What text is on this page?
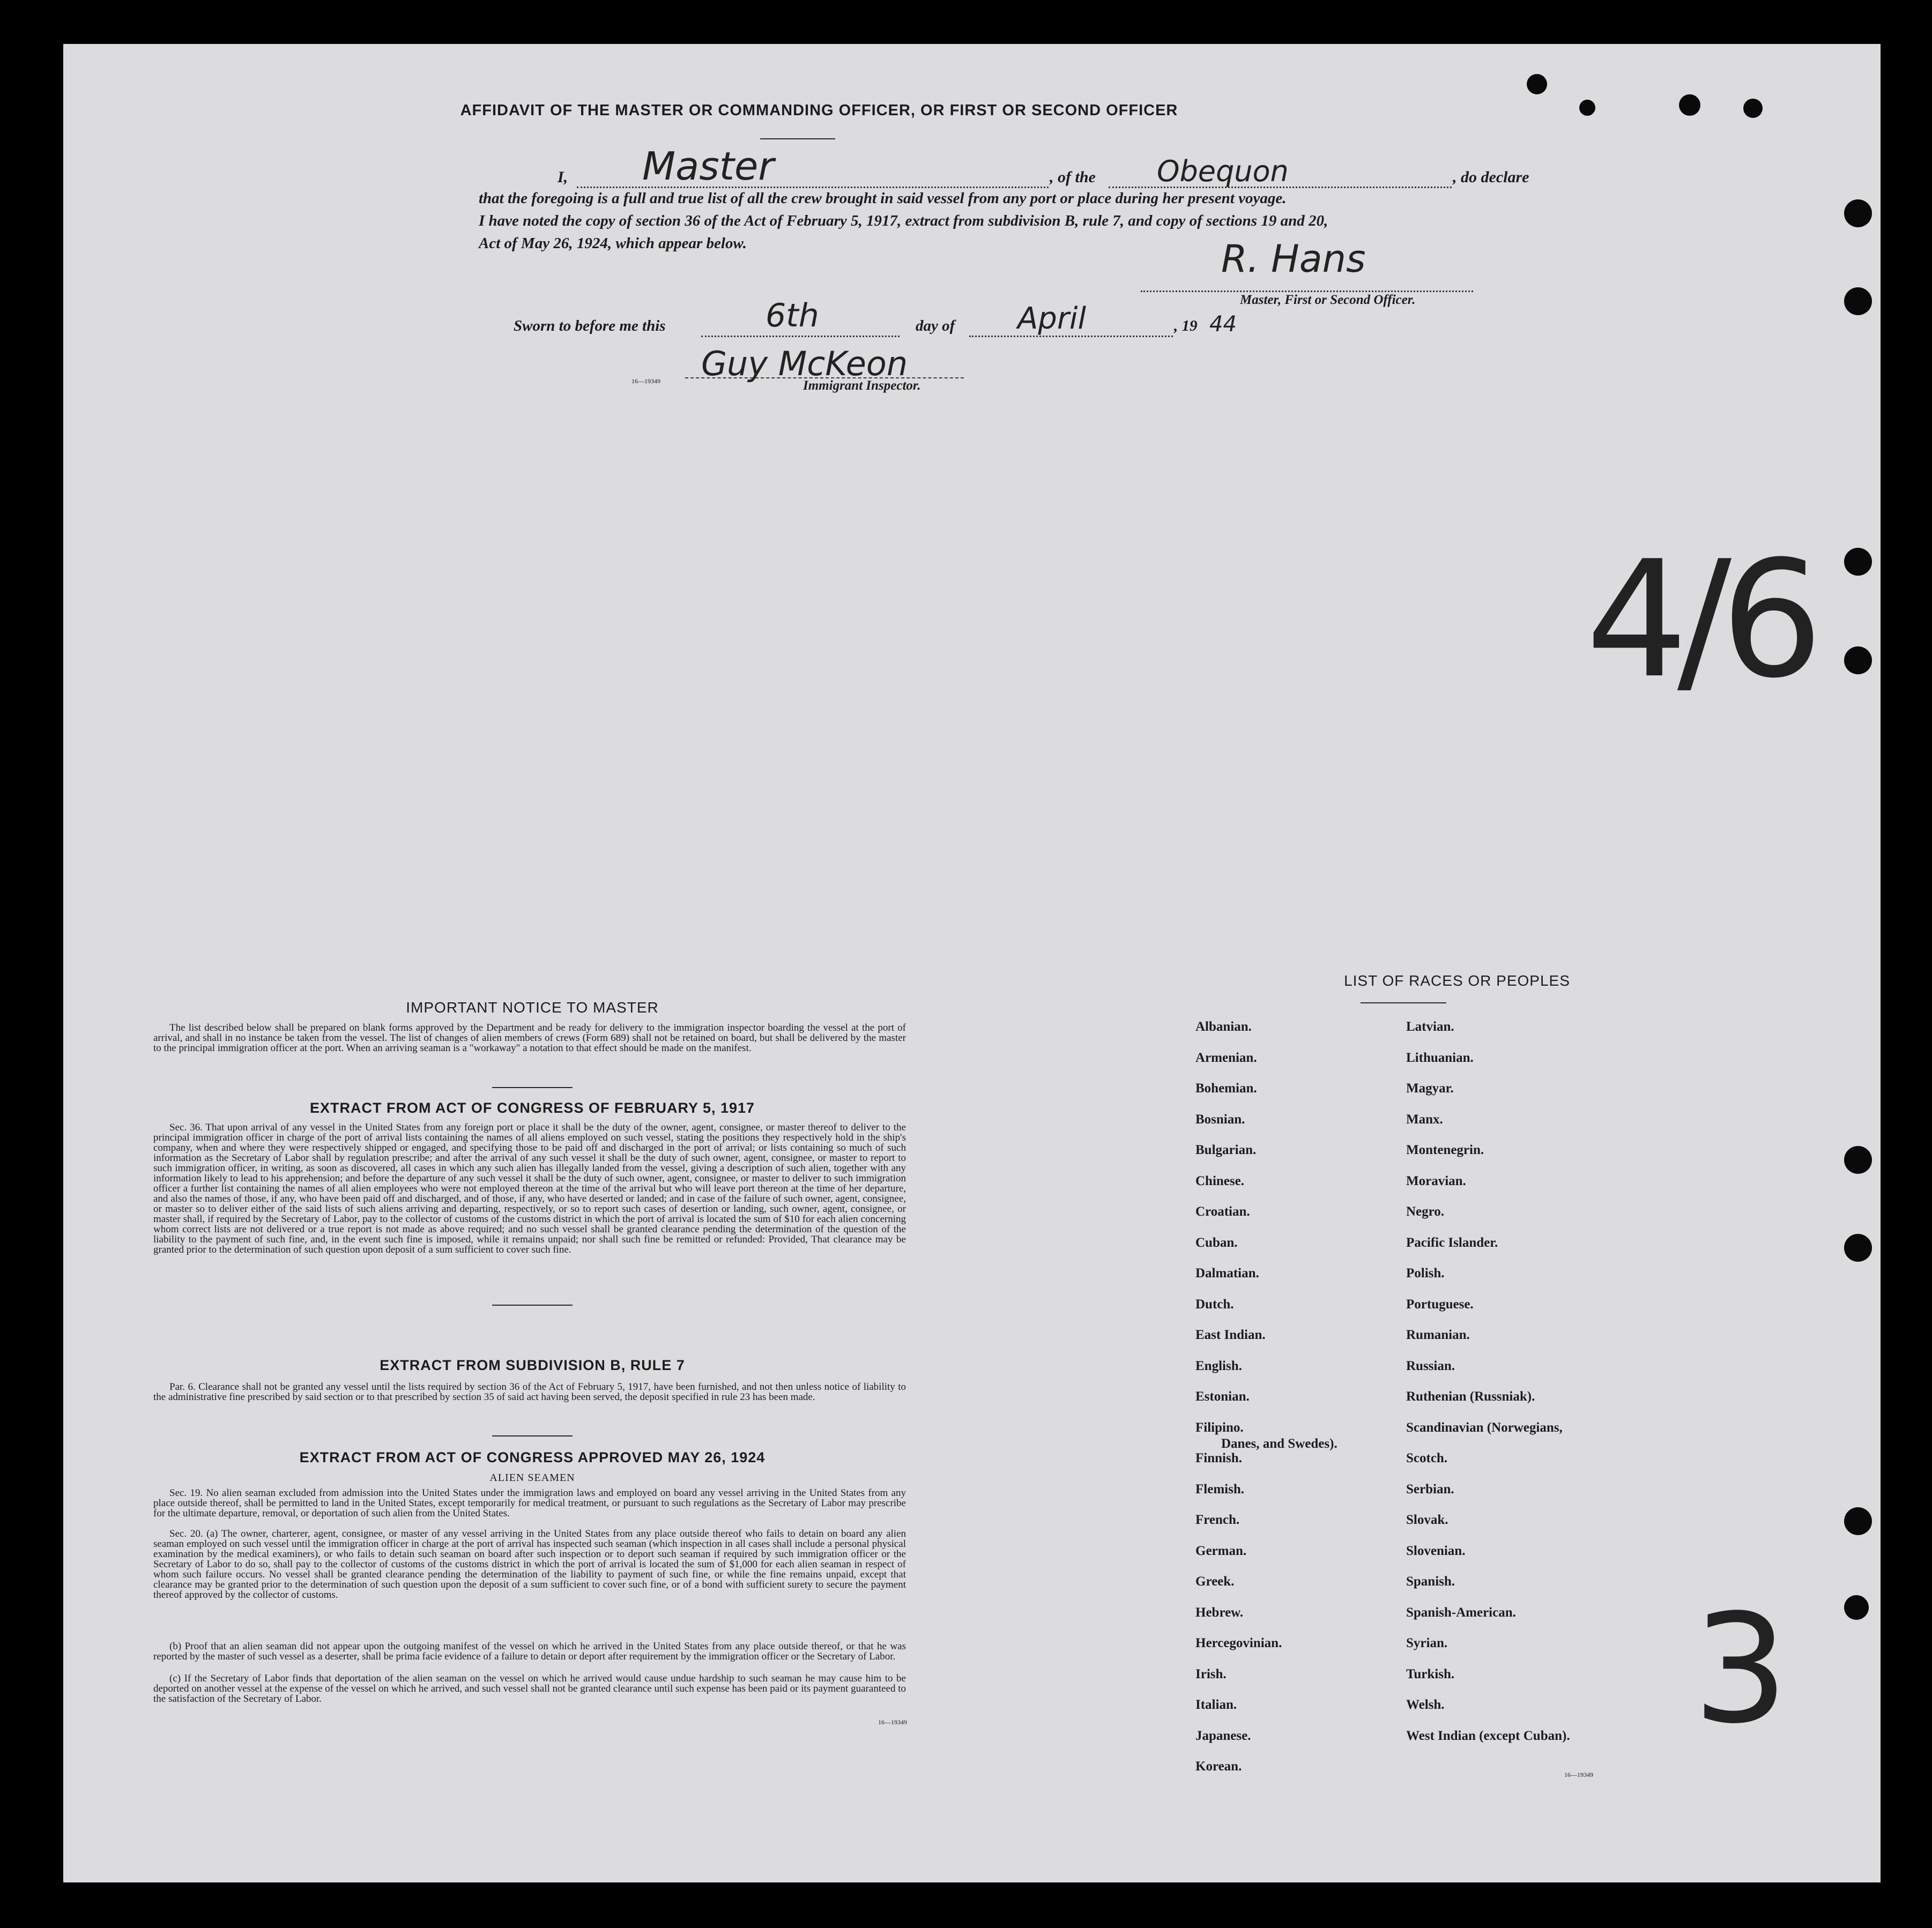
AFFIDAVIT OF THE MASTER OR COMMANDING OFFICER, OR FIRST OR SECOND OFFICER
I, Master	, of the Obequon	, do declare
that the foregoing is a full and true list of all the crew brought in said vessel from any port or place during her present voyage.
I have noted the copy of section 36 of the Act of February 5, 1917, extract from subdivision B, rule 7, and copy of sections 19 and 20,
Act of May 26, 1924, which appear below.	R. Hans
Master, First or Second Officer.
Sworn to before me this	6th	day of April	, 19 44
16—19349 Guy McKeon
Immigrant Inspector.
4/6
3
IMPORTANT NOTICE TO MASTER
The list described below shall be prepared on blank forms approved by the Department and be ready for delivery to the immigration inspector boarding the vessel at the port of arrival, and shall in no instance be taken from the vessel. The list of changes of alien members of crews (Form 689) shall not be retained on board, but shall be delivered by the master to the principal immigration officer at the port. When an arriving seaman is a "workaway" a notation to that effect should be made on the manifest.
EXTRACT FROM ACT OF CONGRESS OF FEBRUARY 5, 1917
Sec. 36. That upon arrival of any vessel in the United States from any foreign port or place it shall be the duty of the owner, agent, consignee, or master thereof to deliver to the principal immigration officer in charge of the port of arrival lists containing the names of all aliens employed on such vessel, stating the positions they respectively hold in the ship's company, when and where they were respectively shipped or engaged, and specifying those to be paid off and discharged in the port of arrival; or lists containing so much of such information as the Secretary of Labor shall by regulation prescribe; and after the arrival of any such vessel it shall be the duty of such owner, agent, consignee, or master to report to such immigration officer, in writing, as soon as discovered, all cases in which any such alien has illegally landed from the vessel, giving a description of such alien, together with any information likely to lead to his apprehension; and before the departure of any such vessel it shall be the duty of such owner, agent, consignee, or master to deliver to such immigration officer a further list containing the names of all alien employees who were not employed thereon at the time of the arrival but who will leave port thereon at the time of her departure, and also the names of those, if any, who have been paid off and discharged, and of those, if any, who have deserted or landed; and in case of the failure of such owner, agent, consignee, or master so to deliver either of the said lists of such aliens arriving and departing, respectively, or so to report such cases of desertion or landing, such owner, agent, consignee, or master shall, if required by the Secretary of Labor, pay to the collector of customs of the customs district in which the port of arrival is located the sum of $10 for each alien concerning whom correct lists are not delivered or a true report is not made as above required; and no such vessel shall be granted clearance pending the determination of the question of the liability to the payment of such fine, and, in the event such fine is imposed, while it remains unpaid; nor shall such fine be remitted or refunded: Provided, That clearance may be granted prior to the determination of such question upon deposit of a sum sufficient to cover such fine.
EXTRACT FROM SUBDIVISION B, RULE 7
Par. 6. Clearance shall not be granted any vessel until the lists required by section 36 of the Act of February 5, 1917, have been furnished, and not then unless notice of liability to the administrative fine prescribed by said section or to that prescribed by section 35 of said act having been served, the deposit specified in rule 23 has been made.
EXTRACT FROM ACT OF CONGRESS APPROVED MAY 26, 1924
ALIEN SEAMEN
Sec. 19. No alien seaman excluded from admission into the United States under the immigration laws and employed on board any vessel arriving in the United States from any place outside thereof, shall be permitted to land in the United States, except temporarily for medical treatment, or pursuant to such regulations as the Secretary of Labor may prescribe for the ultimate departure, removal, or deportation of such alien from the United States.
Sec. 20. (a) The owner, charterer, agent, consignee, or master of any vessel arriving in the United States from any place outside thereof who fails to detain on board any alien seaman employed on such vessel until the immigration officer in charge at the port of arrival has inspected such seaman (which inspection in all cases shall include a personal physical examination by the medical examiners), or who fails to detain such seaman on board after such inspection or to deport such seaman if required by such immigration officer or the Secretary of Labor to do so, shall pay to the collector of customs of the customs district in which the port of arrival is located the sum of $1,000 for each alien seaman in respect of whom such failure occurs. No vessel shall be granted clearance pending the determination of the liability to payment of such fine, or while the fine remains unpaid, except that clearance may be granted prior to the determination of such question upon the deposit of a sum sufficient to cover such fine, or of a bond with sufficient surety to secure the payment thereof approved by the collector of customs.
(b) Proof that an alien seaman did not appear upon the outgoing manifest of the vessel on which he arrived in the United States from any place outside thereof, or that he was reported by the master of such vessel as a deserter, shall be prima facie evidence of a failure to detain or deport after requirement by the immigration officer or the Secretary of Labor.
(c) If the Secretary of Labor finds that deportation of the alien seaman on the vessel on which he arrived would cause undue hardship to such seaman he may cause him to be deported on another vessel at the expense of the vessel on which he arrived, and such vessel shall not be granted clearance until such expense has been paid or its payment guaranteed to the satisfaction of the Secretary of Labor.
16—19349
LIST OF RACES OR PEOPLES
16—19349
Albanian.
Armenian.
Bohemian.
Bosnian.
Bulgarian.
Chinese.
Croatian.
Cuban.
Dalmatian.
Dutch.
East Indian.
English.
Estonian.
Filipino.
Finnish.
Flemish.
French.
German.
Greek.
Hebrew.
Hercegovinian.
Irish.
Italian.
Japanese.
Korean.
Latvian.
Lithuanian.
Magyar.
Manx.
Montenegrin.
Moravian.
Negro.
Pacific Islander.
Polish.
Portuguese.
Rumanian.
Russian.
Ruthenian (Russniak).
Scandinavian (Norwegians,
Danes, and Swedes).
Scotch.
Serbian.
Slovak.
Slovenian.
Spanish.
Spanish-American.
Syrian.
Turkish.
Welsh.
West Indian (except Cuban).
